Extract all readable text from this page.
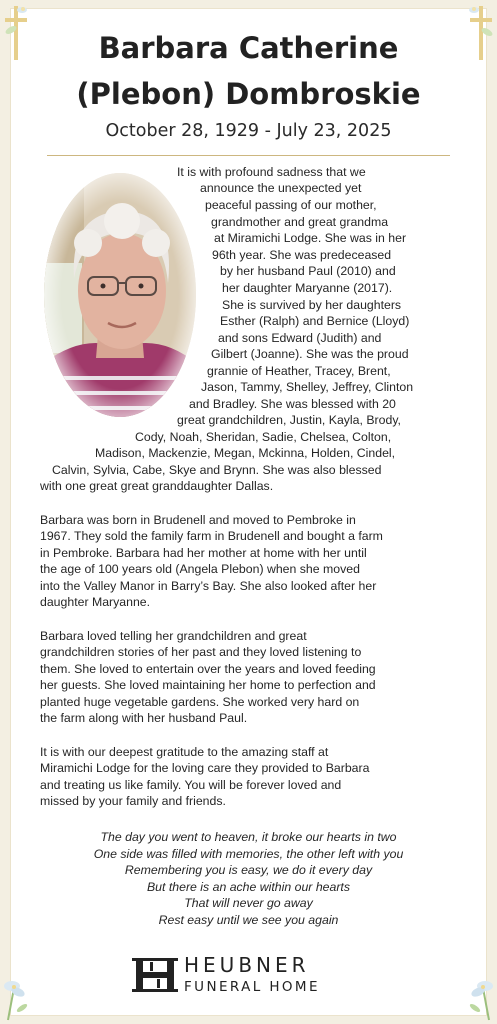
Barbara Catherine
(Plebon) Dombroskie
October 28, 1929 - July 23, 2025
It is with profound sadness that we
announce the unexpected yet
peaceful passing of our mother,
grandmother and great grandma
at Miramichi Lodge. She was in her
96th year. She was predeceased
by her husband Paul (2010) and
her daughter Maryanne (2017).
She is survived by her daughters
Esther (Ralph) and Bernice (Lloyd)
and sons Edward (Judith) and
Gilbert (Joanne). She was the proud
grannie of Heather, Tracey, Brent,
Jason, Tammy, Shelley, Jeffrey, Clinton
and Bradley. She was blessed with 20
great grandchildren, Justin, Kayla, Brody,
Cody, Noah, Sheridan, Sadie, Chelsea, Colton,
Madison, Mackenzie, Megan, Mckinna, Holden, Cindel,
Calvin, Sylvia, Cabe, Skye and Brynn. She was also blessed
with one great great granddaughter Dallas.
Barbara was born in Brudenell and moved to Pembroke in
1967. They sold the family farm in Brudenell and bought a farm
in Pembroke. Barbara had her mother at home with her until
the age of 100 years old (Angela Plebon) when she moved
into the Valley Manor in Barry’s Bay. She also looked after her
daughter Maryanne.
Barbara loved telling her grandchildren and great
grandchildren stories of her past and they loved listening to
them. She loved to entertain over the years and loved feeding
her guests. She loved maintaining her home to perfection and
planted huge vegetable gardens. She worked very hard on
the farm along with her husband Paul.
It is with our deepest gratitude to the amazing staff at
Miramichi Lodge for the loving care they provided to Barbara
and treating us like family. You will be forever loved and
missed by your family and friends.
The day you went to heaven, it broke our hearts in two
One side was filled with memories, the other left with you
Remembering you is easy, we do it every day
But there is an ache within our hearts
That will never go away
Rest easy until we see you again
HEUBNER
FUNERAL HOME
